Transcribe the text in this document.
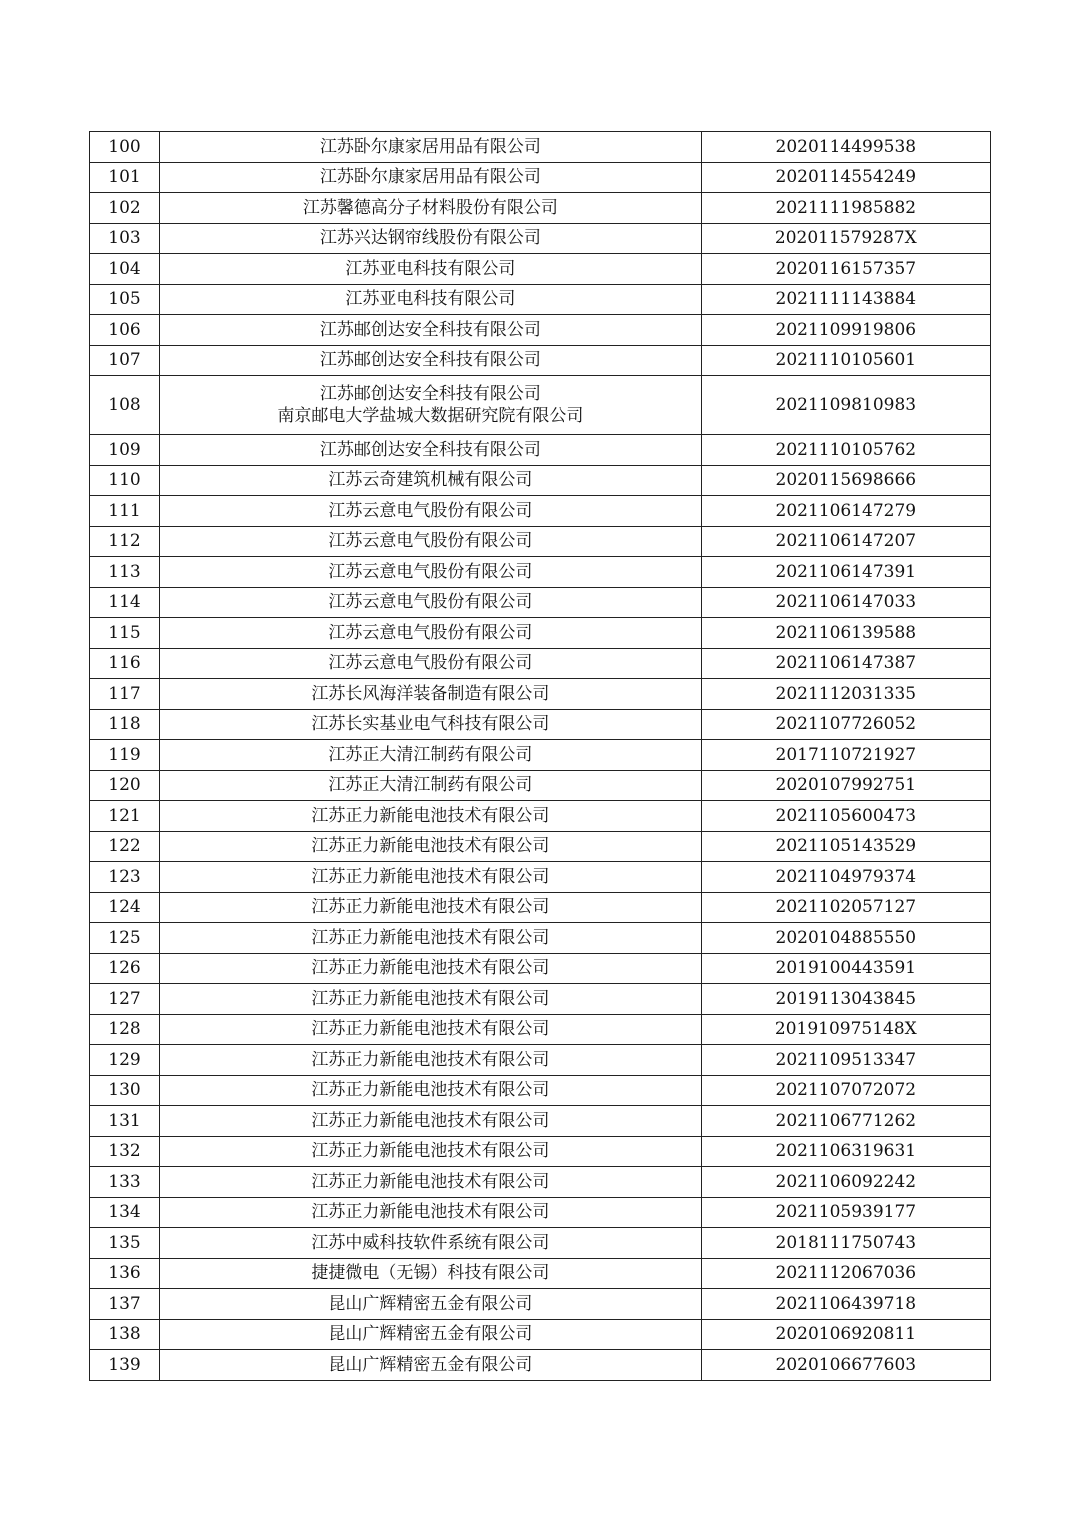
100	江苏卧尔康家居用品有限公司	2020114499538
101	江苏卧尔康家居用品有限公司	2020114554249
102	江苏馨德高分子材料股份有限公司	2021111985882
103	江苏兴达钢帘线股份有限公司	202011579287X
104	江苏亚电科技有限公司	2020116157357
105	江苏亚电科技有限公司	2021111143884
106	江苏邮创达安全科技有限公司	2021109919806
107	江苏邮创达安全科技有限公司	2021110105601
108	江苏邮创达安全科技有限公司
南京邮电大学盐城大数据研究院有限公司	2021109810983
109	江苏邮创达安全科技有限公司	2021110105762
110	江苏云奇建筑机械有限公司	2020115698666
111	江苏云意电气股份有限公司	2021106147279
112	江苏云意电气股份有限公司	2021106147207
113	江苏云意电气股份有限公司	2021106147391
114	江苏云意电气股份有限公司	2021106147033
115	江苏云意电气股份有限公司	2021106139588
116	江苏云意电气股份有限公司	2021106147387
117	江苏长风海洋装备制造有限公司	2021112031335
118	江苏长实基业电气科技有限公司	2021107726052
119	江苏正大清江制药有限公司	2017110721927
120	江苏正大清江制药有限公司	2020107992751
121	江苏正力新能电池技术有限公司	2021105600473
122	江苏正力新能电池技术有限公司	2021105143529
123	江苏正力新能电池技术有限公司	2021104979374
124	江苏正力新能电池技术有限公司	2021102057127
125	江苏正力新能电池技术有限公司	2020104885550
126	江苏正力新能电池技术有限公司	2019100443591
127	江苏正力新能电池技术有限公司	2019113043845
128	江苏正力新能电池技术有限公司	201910975148X
129	江苏正力新能电池技术有限公司	2021109513347
130	江苏正力新能电池技术有限公司	2021107072072
131	江苏正力新能电池技术有限公司	2021106771262
132	江苏正力新能电池技术有限公司	2021106319631
133	江苏正力新能电池技术有限公司	2021106092242
134	江苏正力新能电池技术有限公司	2021105939177
135	江苏中威科技软件系统有限公司	2018111750743
136	捷捷微电（无锡）科技有限公司	2021112067036
137	昆山广辉精密五金有限公司	2021106439718
138	昆山广辉精密五金有限公司	2020106920811
139	昆山广辉精密五金有限公司	2020106677603
